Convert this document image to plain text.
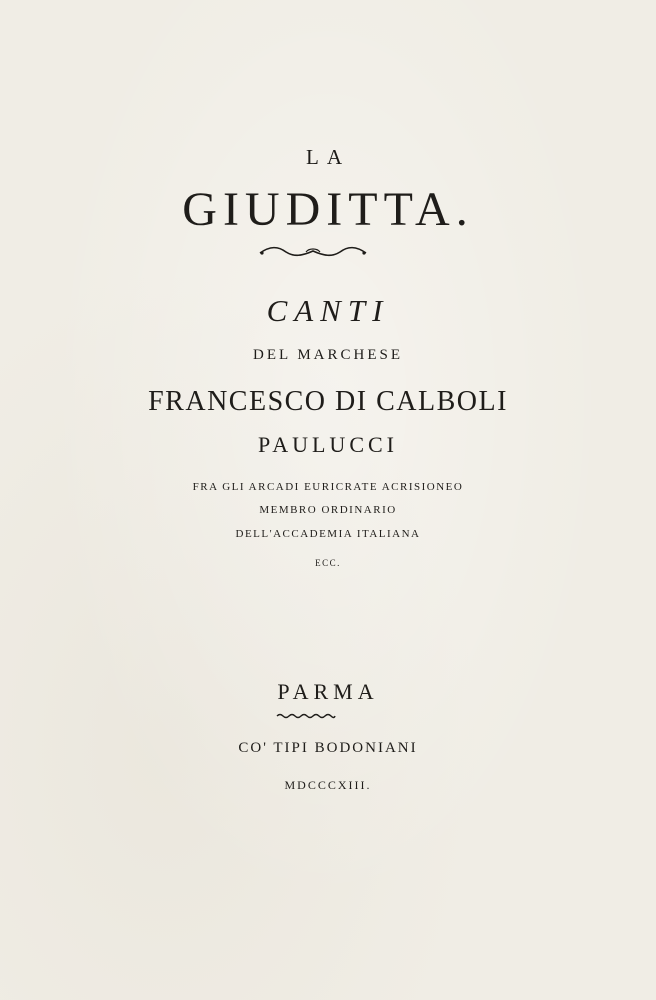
LA
GIUDITTA.
CANTI
DEL MARCHESE
FRANCESCO DI CALBOLI
PAULUCCI
FRA GLI ARCADI EURICRATE ACRISIONEO
MEMBRO ORDINARIO
DELL'ACCADEMIA ITALIANA
ECC.
PARMA
CO' TIPI BODONIANI
MDCCCXIII.
